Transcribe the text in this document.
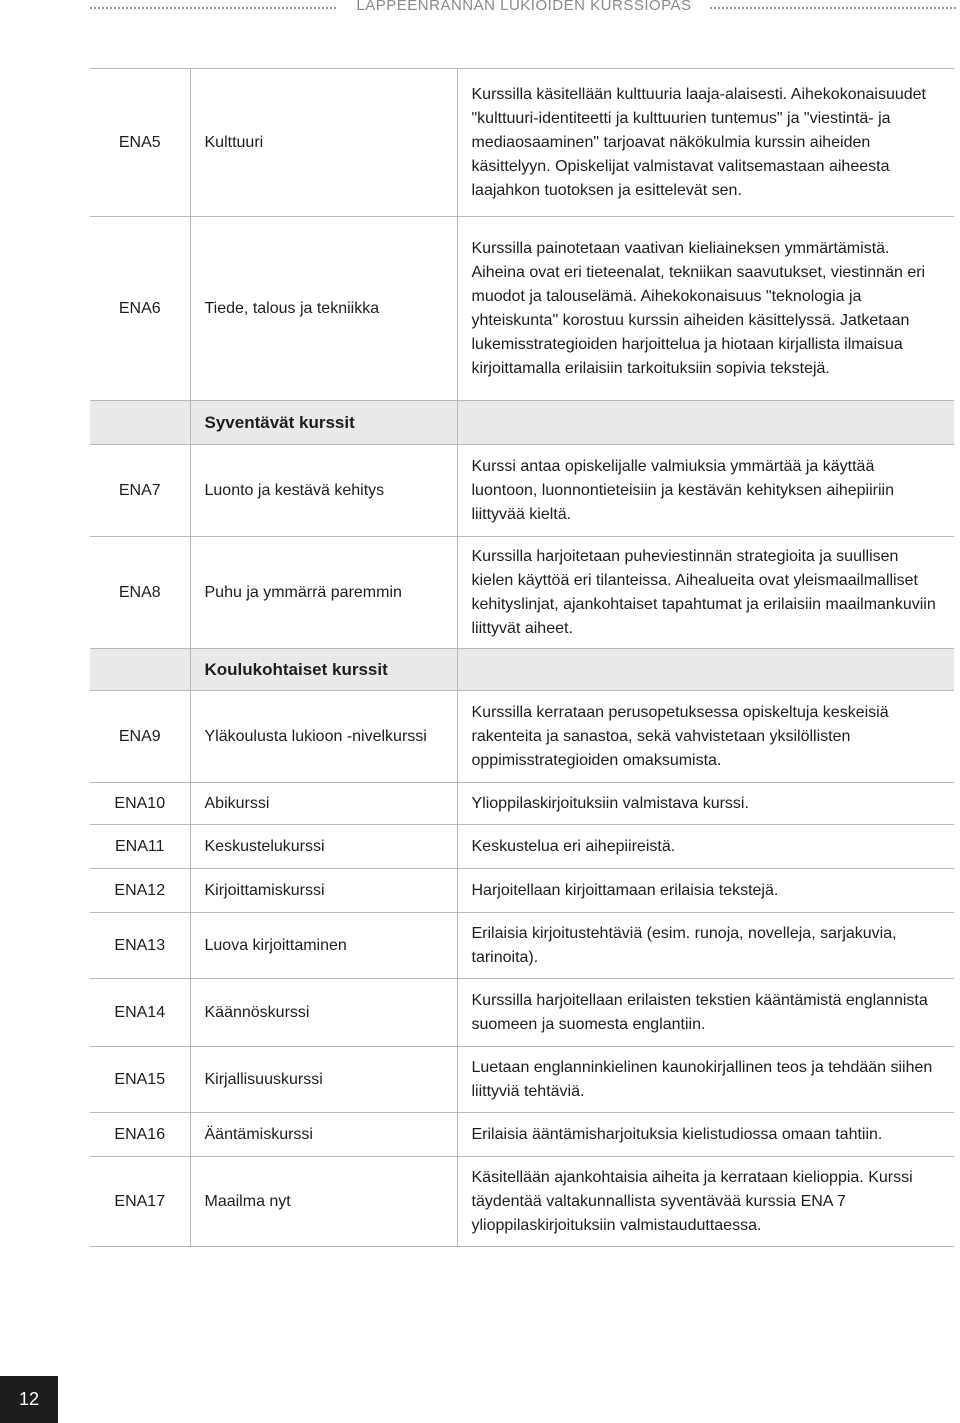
LAPPEENRANNAN LUKIOIDEN KURSSIOPAS
ENA5	Kulttuuri	Kurssilla käsitellään kulttuuria laaja-alaisesti. Aihekokonaisuudet "kulttuuri-identiteetti ja kulttuurien tuntemus" ja "viestintä- ja mediaosaaminen" tarjoavat näkökulmia kurssin aiheiden käsittelyyn. Opiskelijat valmistavat valitsemastaan aiheesta laajahkon tuotoksen ja esittelevät sen.
ENA6	Tiede, talous ja tekniikka	Kurssilla painotetaan vaativan kieliaineksen ymmärtämistä. Aiheina ovat eri tieteenalat, tekniikan saavutukset, viestinnän eri muodot ja talouselämä. Aihekokonaisuus "teknologia ja yhteiskunta" korostuu kurssin aiheiden käsittelyssä. Jatketaan lukemisstrategioiden harjoittelua ja hiotaan kirjallista ilmaisua kirjoittamalla erilaisiin tarkoituksiin sopivia tekstejä.
	Syventävät kurssit	
ENA7	Luonto ja kestävä kehitys	Kurssi antaa opiskelijalle valmiuksia ymmärtää ja käyttää luontoon, luonnontieteisiin ja kestävän kehityksen aihepiiriin liittyvää kieltä.
ENA8	Puhu ja ymmärrä paremmin	Kurssilla harjoitetaan puheviestinnän strategioita ja suullisen kielen käyttöä eri tilanteissa. Aihealueita ovat yleismaailmalliset kehityslinjat, ajankohtaiset tapahtumat ja erilaisiin maailmankuviin liittyvät aiheet.
	Koulukohtaiset kurssit	
ENA9	Yläkoulusta lukioon -nivelkurssi	Kurssilla kerrataan perusopetuksessa opiskeltuja keskeisiä rakenteita ja sanastoa, sekä vahvistetaan yksilöllisten oppimisstrategioiden omaksumista.
ENA10	Abikurssi	Ylioppilaskirjoituksiin valmistava kurssi.
ENA11	Keskustelukurssi	Keskustelua eri aihepiireistä.
ENA12	Kirjoittamiskurssi	Harjoitellaan kirjoittamaan erilaisia tekstejä.
ENA13	Luova kirjoittaminen	Erilaisia kirjoitustehtäviä (esim. runoja, novelleja, sarjakuvia, tarinoita).
ENA14	Käännöskurssi	Kurssilla harjoitellaan erilaisten tekstien kääntämistä englannista suomeen ja suomesta englantiin.
ENA15	Kirjallisuuskurssi	Luetaan englanninkielinen kaunokirjallinen teos ja tehdään siihen liittyviä tehtäviä.
ENA16	Ääntämiskurssi	Erilaisia ääntämisharjoituksia kielistudiossa omaan tahtiin.
ENA17	Maailma nyt	Käsitellään ajankohtaisia aiheita ja kerrataan kielioppia. Kurssi täydentää valtakunnallista syventävää kurssia ENA 7 ylioppilaskirjoituksiin valmistauduttaessa.
12
